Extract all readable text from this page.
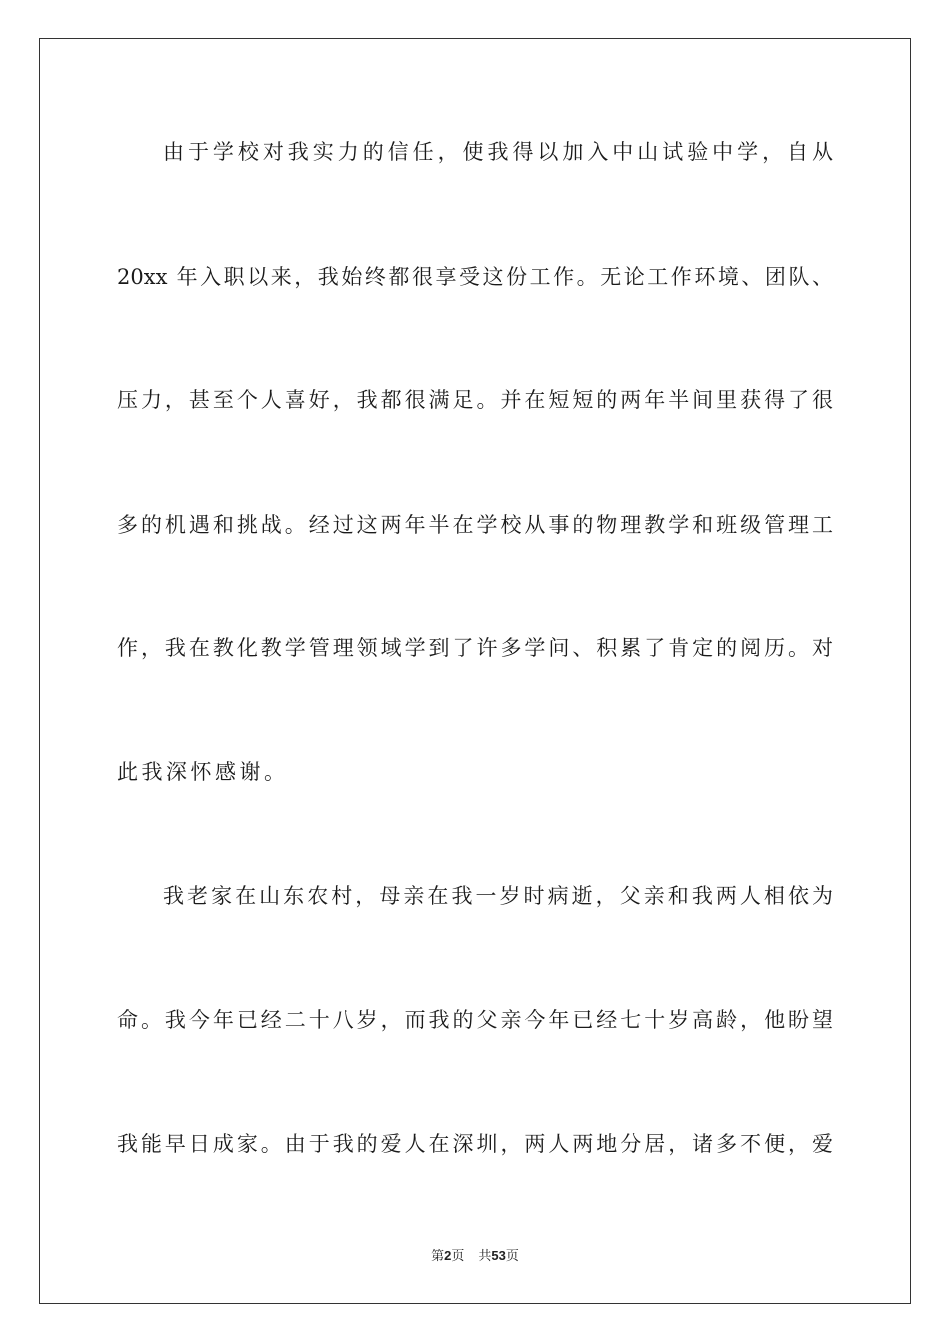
由于学校对我实力的信任，使我得以加入中山试验中学，自从
20xx 年入职以来，我始终都很享受这份工作。无论工作环境、团队、
压力，甚至个人喜好，我都很满足。并在短短的两年半间里获得了很
多的机遇和挑战。经过这两年半在学校从事的物理教学和班级管理工
作，我在教化教学管理领域学到了许多学问、积累了肯定的阅历。对
此我深怀感谢。
我老家在山东农村，母亲在我一岁时病逝，父亲和我两人相依为
命。我今年已经二十八岁，而我的父亲今年已经七十岁高龄，他盼望
我能早日成家。由于我的爱人在深圳，两人两地分居，诸多不便，爱
第2页 共53页
